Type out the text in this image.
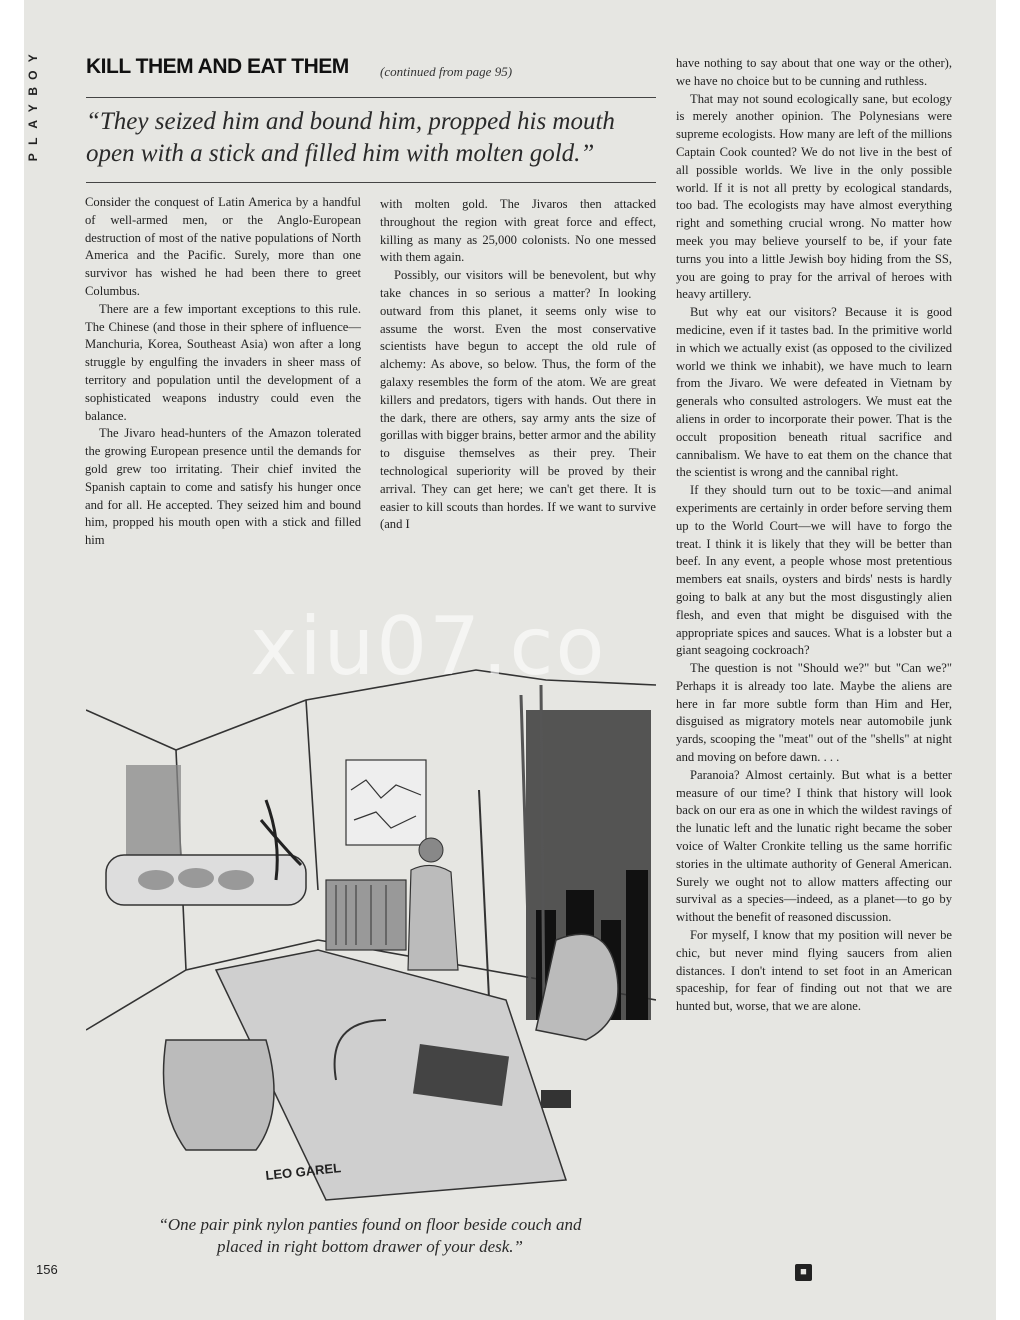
Y
O
B
Y
A
L
P
KILL THEM AND EAT THEM (continued from page 95)
“They seized him and bound him, propped his mouth open with a stick and filled him with molten gold.”

Consider the conquest of Latin America by a handful of well-armed men, or the Anglo-European destruction of most of the native populations of North America and the Pacific. Surely, more than one survivor has wished he had been there to greet Columbus.

There are a few important exceptions to this rule. The Chinese (and those in their sphere of influence—Manchuria, Korea, Southeast Asia) won after a long struggle by engulfing the invaders in sheer mass of territory and population until the development of a sophisticated weapons industry could even the balance.

The Jivaro head-hunters of the Amazon tolerated the growing European presence until the demands for gold grew too irritating. Their chief invited the Spanish captain to come and satisfy his hunger once and for all. He accepted. They seized him and bound him, propped his mouth open with a stick and filled him

with molten gold. The Jivaros then attacked throughout the region with great force and effect, killing as many as 25,000 colonists. No one messed with them again.

Possibly, our visitors will be benevolent, but why take chances in so serious a matter? In looking outward from this planet, it seems only wise to assume the worst. Even the most conservative scientists have begun to accept the old rule of alchemy: As above, so below. Thus, the form of the galaxy resembles the form of the atom. We are great killers and predators, tigers with hands. Out there in the dark, there are others, say army ants the size of gorillas with bigger brains, better armor and the ability to disguise themselves as their prey. Their technological superiority will be proved by their arrival. They can get here; we can't get there. It is easier to kill scouts than hordes. If we want to survive (and I

have nothing to say about that one way or the other), we have no choice but to be cunning and ruthless.

That may not sound ecologically sane, but ecology is merely another opinion. The Polynesians were supreme ecologists. How many are left of the millions Captain Cook counted? We do not live in the best of all possible worlds. We live in the only possible world. If it is not all pretty by ecological standards, too bad. The ecologists may have almost everything right and something crucial wrong. No matter how meek you may believe yourself to be, if your fate turns you into a little Jewish boy hiding from the SS, you are going to pray for the arrival of heroes with heavy artillery.

But why eat our visitors? Because it is good medicine, even if it tastes bad. In the primitive world in which we actually exist (as opposed to the civilized world we think we inhabit), we have much to learn from the Jivaro. We were defeated in Vietnam by generals who consulted astrologers. We must eat the aliens in order to incorporate their power. That is the occult proposition beneath ritual sacrifice and cannibalism. We have to eat them on the chance that the scientist is wrong and the cannibal right.

If they should turn out to be toxic—and animal experiments are certainly in order before serving them up to the World Court—we will have to forgo the treat. I think it is likely that they will be better than beef. In any event, a people whose most pretentious members eat snails, oysters and birds' nests is hardly going to balk at any but the most disgustingly alien flesh, and even that might be disguised with the appropriate spices and sauces. What is a lobster but a giant seagoing cockroach?

The question is not "Should we?" but "Can we?" Perhaps it is already too late. Maybe the aliens are here in far more subtle form than Him and Her, disguised as migratory motels near automobile junk yards, scooping the "meat" out of the "shells" at night and moving on before dawn. . . .

Paranoia? Almost certainly. But what is a better measure of our time? I think that history will look back on our era as one in which the wildest ravings of the lunatic left and the lunatic right became the sober voice of Walter Cronkite telling us the same horrific stories in the ultimate authority of General American. Surely we ought not to allow matters affecting our survival as a species—indeed, as a planet—to go by without the benefit of reasoned discussion.

For myself, I know that my position will never be chic, but never mind flying saucers from alien distances. I don't intend to set foot in an American spaceship, for fear of finding out not that we are hunted but, worse, that we are alone.

LEO GAREL
“One pair pink nylon panties found on floor beside couch and placed in right bottom drawer of your desk.”
156	■
xiu07.co
